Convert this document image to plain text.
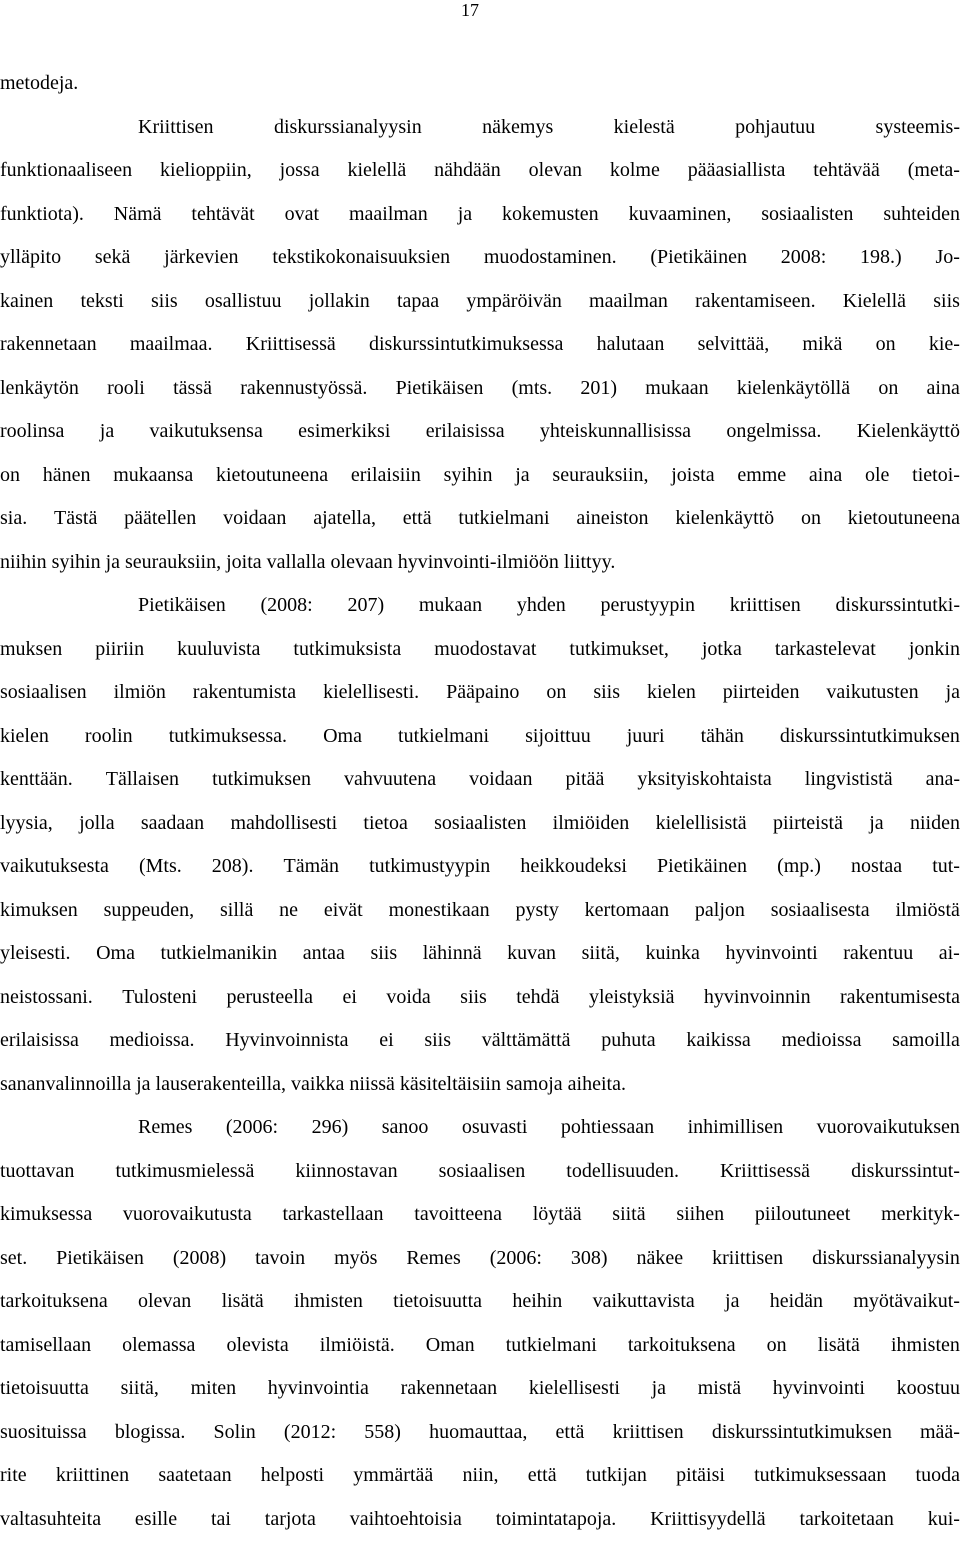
17
metodeja.
Kriittisen	diskurssianalyysin	näkemys	kielestä	pohjautuu	systeemis-
funktionaaliseen kielioppiin, jossa kielellä nähdään olevan kolme pääasiallista tehtävää (meta-
funktiota). Nämä tehtävät ovat maailman ja kokemusten kuvaaminen, sosiaalisten suhteiden
ylläpito sekä järkevien tekstikokonaisuuksien muodostaminen. (Pietikäinen 2008: 198.) Jo-
kainen teksti siis osallistuu jollakin tapaa ympäröivän maailman rakentamiseen. Kielellä siis
rakennetaan maailmaa. Kriittisessä diskurssintutkimuksessa halutaan selvittää, mikä on kie-
lenkäytön rooli tässä rakennustyössä. Pietikäisen (mts. 201) mukaan kielenkäytöllä on aina
roolinsa ja vaikutuksensa esimerkiksi erilaisissa yhteiskunnallisissa ongelmissa. Kielenkäyttö
on hänen mukaansa kietoutuneena erilaisiin syihin ja seurauksiin, joista emme aina ole tietoi-
sia. Tästä päätellen voidaan ajatella, että tutkielmani aineiston kielenkäyttö on kietoutuneena
niihin syihin ja seurauksiin, joita vallalla olevaan hyvinvointi-ilmiöön liittyy.
Pietikäisen (2008: 207) mukaan yhden perustyypin kriittisen diskurssintutki-
muksen piiriin kuuluvista tutkimuksista muodostavat tutkimukset, jotka tarkastelevat jonkin
sosiaalisen ilmiön rakentumista kielellisesti. Pääpaino on siis kielen piirteiden vaikutusten ja
kielen roolin tutkimuksessa. Oma tutkielmani sijoittuu juuri tähän diskurssintutkimuksen
kenttään. Tällaisen tutkimuksen vahvuutena voidaan pitää yksityiskohtaista lingvististä ana-
lyysia, jolla saadaan mahdollisesti tietoa sosiaalisten ilmiöiden kielellisistä piirteistä ja niiden
vaikutuksesta (Mts. 208). Tämän tutkimustyypin heikkoudeksi Pietikäinen (mp.) nostaa tut-
kimuksen suppeuden, sillä ne eivät monestikaan pysty kertomaan paljon sosiaalisesta ilmiöstä
yleisesti. Oma tutkielmanikin antaa siis lähinnä kuvan siitä, kuinka hyvinvointi rakentuu ai-
neistossani. Tulosteni perusteella ei voida siis tehdä yleistyksiä hyvinvoinnin rakentumisesta
erilaisissa medioissa. Hyvinvoinnista ei siis välttämättä puhuta kaikissa medioissa samoilla
sananvalinnoilla ja lauserakenteilla, vaikka niissä käsiteltäisiin samoja aiheita.
Remes (2006: 296) sanoo osuvasti pohtiessaan inhimillisen vuorovaikutuksen
tuottavan tutkimusmielessä kiinnostavan sosiaalisen todellisuuden. Kriittisessä diskurssintut-
kimuksessa vuorovaikutusta tarkastellaan tavoitteena löytää siitä siihen piiloutuneet merkityk-
set. Pietikäisen (2008) tavoin myös Remes (2006: 308) näkee kriittisen diskurssianalyysin
tarkoituksena olevan lisätä ihmisten tietoisuutta heihin vaikuttavista ja heidän myötävaikut-
tamisellaan olemassa olevista ilmiöistä. Oman tutkielmani tarkoituksena on lisätä ihmisten
tietoisuutta siitä, miten hyvinvointia rakennetaan kielellisesti ja mistä hyvinvointi koostuu
suosituissa blogissa. Solin (2012: 558) huomauttaa, että kriittisen diskurssintutkimuksen mää-
rite kriittinen saatetaan helposti ymmärtää niin, että tutkijan pitäisi tutkimuksessaan tuoda
valtasuhteita esille tai tarjota vaihtoehtoisia toimintatapoja. Kriittisyydellä tarkoitetaan kui-
